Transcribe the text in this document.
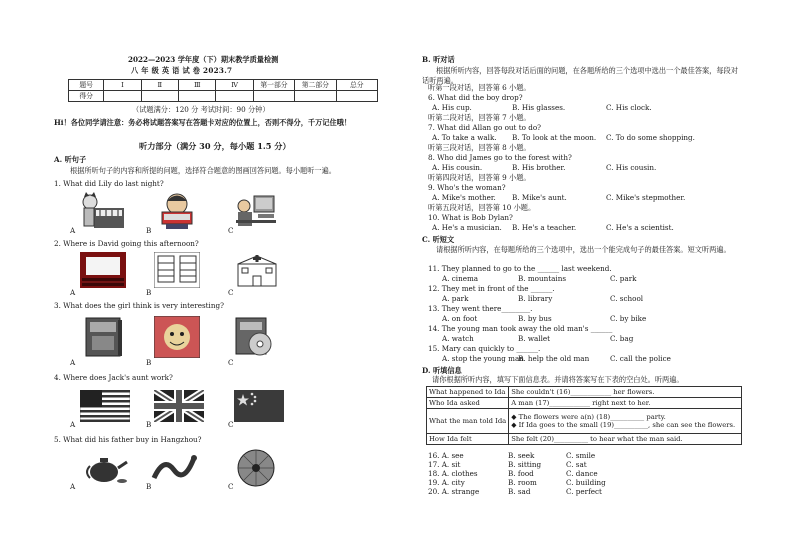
2022—2023 学年度（下）期末教学质量检测
八 年 级 英 语 试 卷 2023.7
题号	Ⅰ	Ⅱ	Ⅲ	Ⅳ	第一部分	第二部分	总分
得分							
（试题满分：120 分 考试时间：90 分钟）
Hi！各位同学请注意：务必将试题答案写在答题卡对应的位置上，否则不得分，千万记住哦！
听力部分（满分 30 分，每小题 1.5 分）
A. 听句子
根据所听句子的内容和所提的问题，选择符合题意的图画回答问题。每小题听一遍。
1. What did Lily do last night?
A	B	C
2. Where is David going this afternoon?
A	B	C
3. What does the girl think is very interesting?
A	B	C
4. Where does Jack's aunt work?
A	B	C
5. What did his father buy in Hangzhou?
A	B	C
B. 听对话
根据所听内容，回答每段对话后面的问题，在各题所给的三个选项中选出一个最佳答案，每段对话听两遍。
听第一段对话，回答第 6 小题。
6. What did the boy drop?
A. His cup.	B. His glasses.	C. His clock.
听第二段对话，回答第 7 小题。
7. What did Allan go out to do?
A. To take a walk. B. To look at the moon. C. To do some shopping.
听第三段对话，回答第 8 小题。
8. Who did James go to the forest with?
A. His cousin.	B. His brother.	C. His cousin.
听第四段对话，回答第 9 小题。
9. Who's the woman?
A. Mike's mother. B. Mike's aunt.	C. Mike's stepmother.
听第五段对话，回答第 10 小题。
10. What is Bob Dylan?
A. He's a musician. B. He's a teacher.	C. He's a scientist.
C. 听短文
请根据所听内容，在每题所给的三个选项中，选出一个能完成句子的最佳答案。短文听两遍。
11. They planned to go to the ______ last weekend.
A. cinema	B. mountains	C. park
12. They met in front of the ______.
A. park	B. library	C. school
13. They went there________.
A. on foot	B. by bus	C. by bike
14. The young man took away the old man's ______
A. watch	B. wallet	C. bag
15. Mary can quickly to ______.
A. stop the young man
B. help the old man	C. call the police
D. 听填信息
请你根据所听内容，填写下面信息表。并请将答案写在下表的空白处。听两遍。
What happened to Ida	She couldn't (16)____________ her flowers.
Who Ida asked	A man (17)____________ right next to her.
What the man told Ida	◆ The flowers were a(n) (18)__________ party.
◆ If Ida goes to the small (19)__________, she can see the flowers.

How Ida felt	She felt (20)__________ to hear what the man said.
16. A. see	B. seek	C. smile
17. A. sit	B. sitting	C. sat
18. A. clothes	B. food	C. dance
19. A. city	B. room	C. building
20. A. strange	B. sad	C. perfect
